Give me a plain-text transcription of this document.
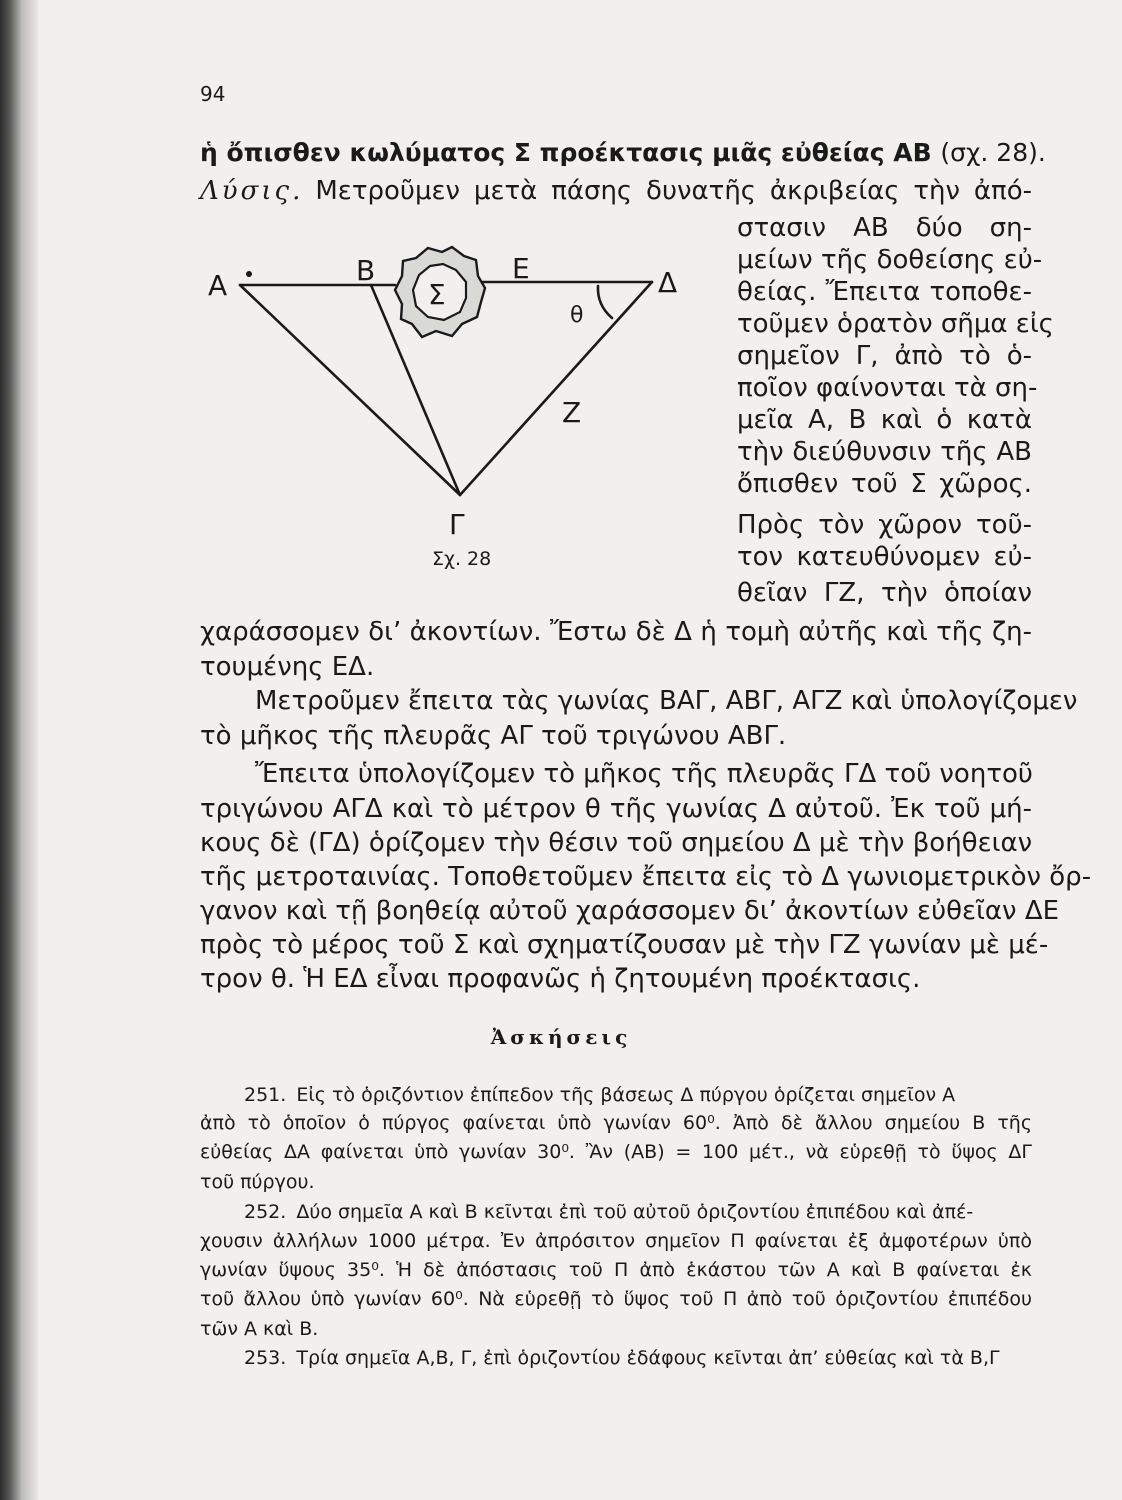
94
ἡ ὄπισθεν κωλύματος Σ προέκτασις μιᾶς εὐθείας ΑΒ (σχ. 28).
Λύσις. Μετροῦμεν μετὰ πάσης δυνατῆς ἀκριβείας τὴν ἀπό-
στασιν ΑΒ δύο ση-
μείων τῆς δοθείσης εὐ-
θείας. Ἔπειτα τοποθε-
τοῦμεν ὁρατὸν σῆμα εἰς
σημεῖον Γ, ἀπὸ τὸ ὁ-
ποῖον φαίνονται τὰ ση-
μεῖα Α, Β καὶ ὁ κατὰ
τὴν διεύθυνσιν τῆς ΑΒ
ὄπισθεν τοῦ Σ χῶρος.
Πρὸς τὸν χῶρον τοῦ-
τον κατευθύνομεν εὐ-
θεῖαν ΓΖ, τὴν ὁποίαν
Α	Β	Ε	Δ
Σ
θ
Ζ
Γ
Σχ. 28
χαράσσομεν δι’ ἀκοντίων. Ἔστω δὲ Δ ἡ τομὴ αὐτῆς καὶ τῆς ζη-
τουμένης ΕΔ.
Μετροῦμεν ἔπειτα τὰς γωνίας ΒΑΓ, ΑΒΓ, ΑΓΖ καὶ ὑπολογίζομεν
τὸ μῆκος τῆς πλευρᾶς ΑΓ τοῦ τριγώνου ΑΒΓ.
Ἔπειτα ὑπολογίζομεν τὸ μῆκος τῆς πλευρᾶς ΓΔ τοῦ νοητοῦ
τριγώνου ΑΓΔ καὶ τὸ μέτρον θ τῆς γωνίας Δ αὐτοῦ. Ἐκ τοῦ μή-
κους δὲ (ΓΔ) ὁρίζομεν τὴν θέσιν τοῦ σημείου Δ μὲ τὴν βοήθειαν
τῆς μετροταινίας. Τοποθετοῦμεν ἔπειτα εἰς τὸ Δ γωνιομετρικὸν ὄρ-
γανον καὶ τῇ βοηθείᾳ αὐτοῦ χαράσσομεν δι’ ἀκοντίων εὐθεῖαν ΔΕ
πρὸς τὸ μέρος τοῦ Σ καὶ σχηματίζουσαν μὲ τὴν ΓΖ γωνίαν μὲ μέ-
τρον θ. Ἡ ΕΔ εἶναι προφανῶς ἡ ζητουμένη προέκτασις.
Ἀσκήσεις
251. Εἰς τὸ ὁριζόντιον ἐπίπεδον τῆς βάσεως Δ πύργου ὁρίζεται σημεῖον Α
ἀπὸ τὸ ὁποῖον ὁ πύργος φαίνεται ὑπὸ γωνίαν 60⁰. Ἀπὸ δὲ ἄλλου σημείου Β τῆς
εὐθείας ΔΑ φαίνεται ὑπὸ γωνίαν 30⁰. Ἂν (ΑΒ) = 100 μέτ., νὰ εὑρεθῇ τὸ ὕψος ΔΓ
τοῦ πύργου.
252. Δύο σημεῖα Α καὶ Β κεῖνται ἐπὶ τοῦ αὐτοῦ ὁριζοντίου ἐπιπέδου καὶ ἀπέ-
χουσιν ἀλλήλων 1000 μέτρα. Ἐν ἀπρόσιτον σημεῖον Π φαίνεται ἐξ ἀμφοτέρων ὑπὸ
γωνίαν ὕψους 35⁰. Ἡ δὲ ἀπόστασις τοῦ Π ἀπὸ ἑκάστου τῶν Α καὶ Β φαίνεται ἐκ
τοῦ ἄλλου ὑπὸ γωνίαν 60⁰. Νὰ εὑρεθῇ τὸ ὕψος τοῦ Π ἀπὸ τοῦ ὁριζοντίου ἐπιπέδου
τῶν Α καὶ Β.
253. Τρία σημεῖα Α,Β, Γ, ἐπὶ ὁριζοντίου ἐδάφους κεῖνται ἀπ’ εὐθείας καὶ τὰ Β,Γ
